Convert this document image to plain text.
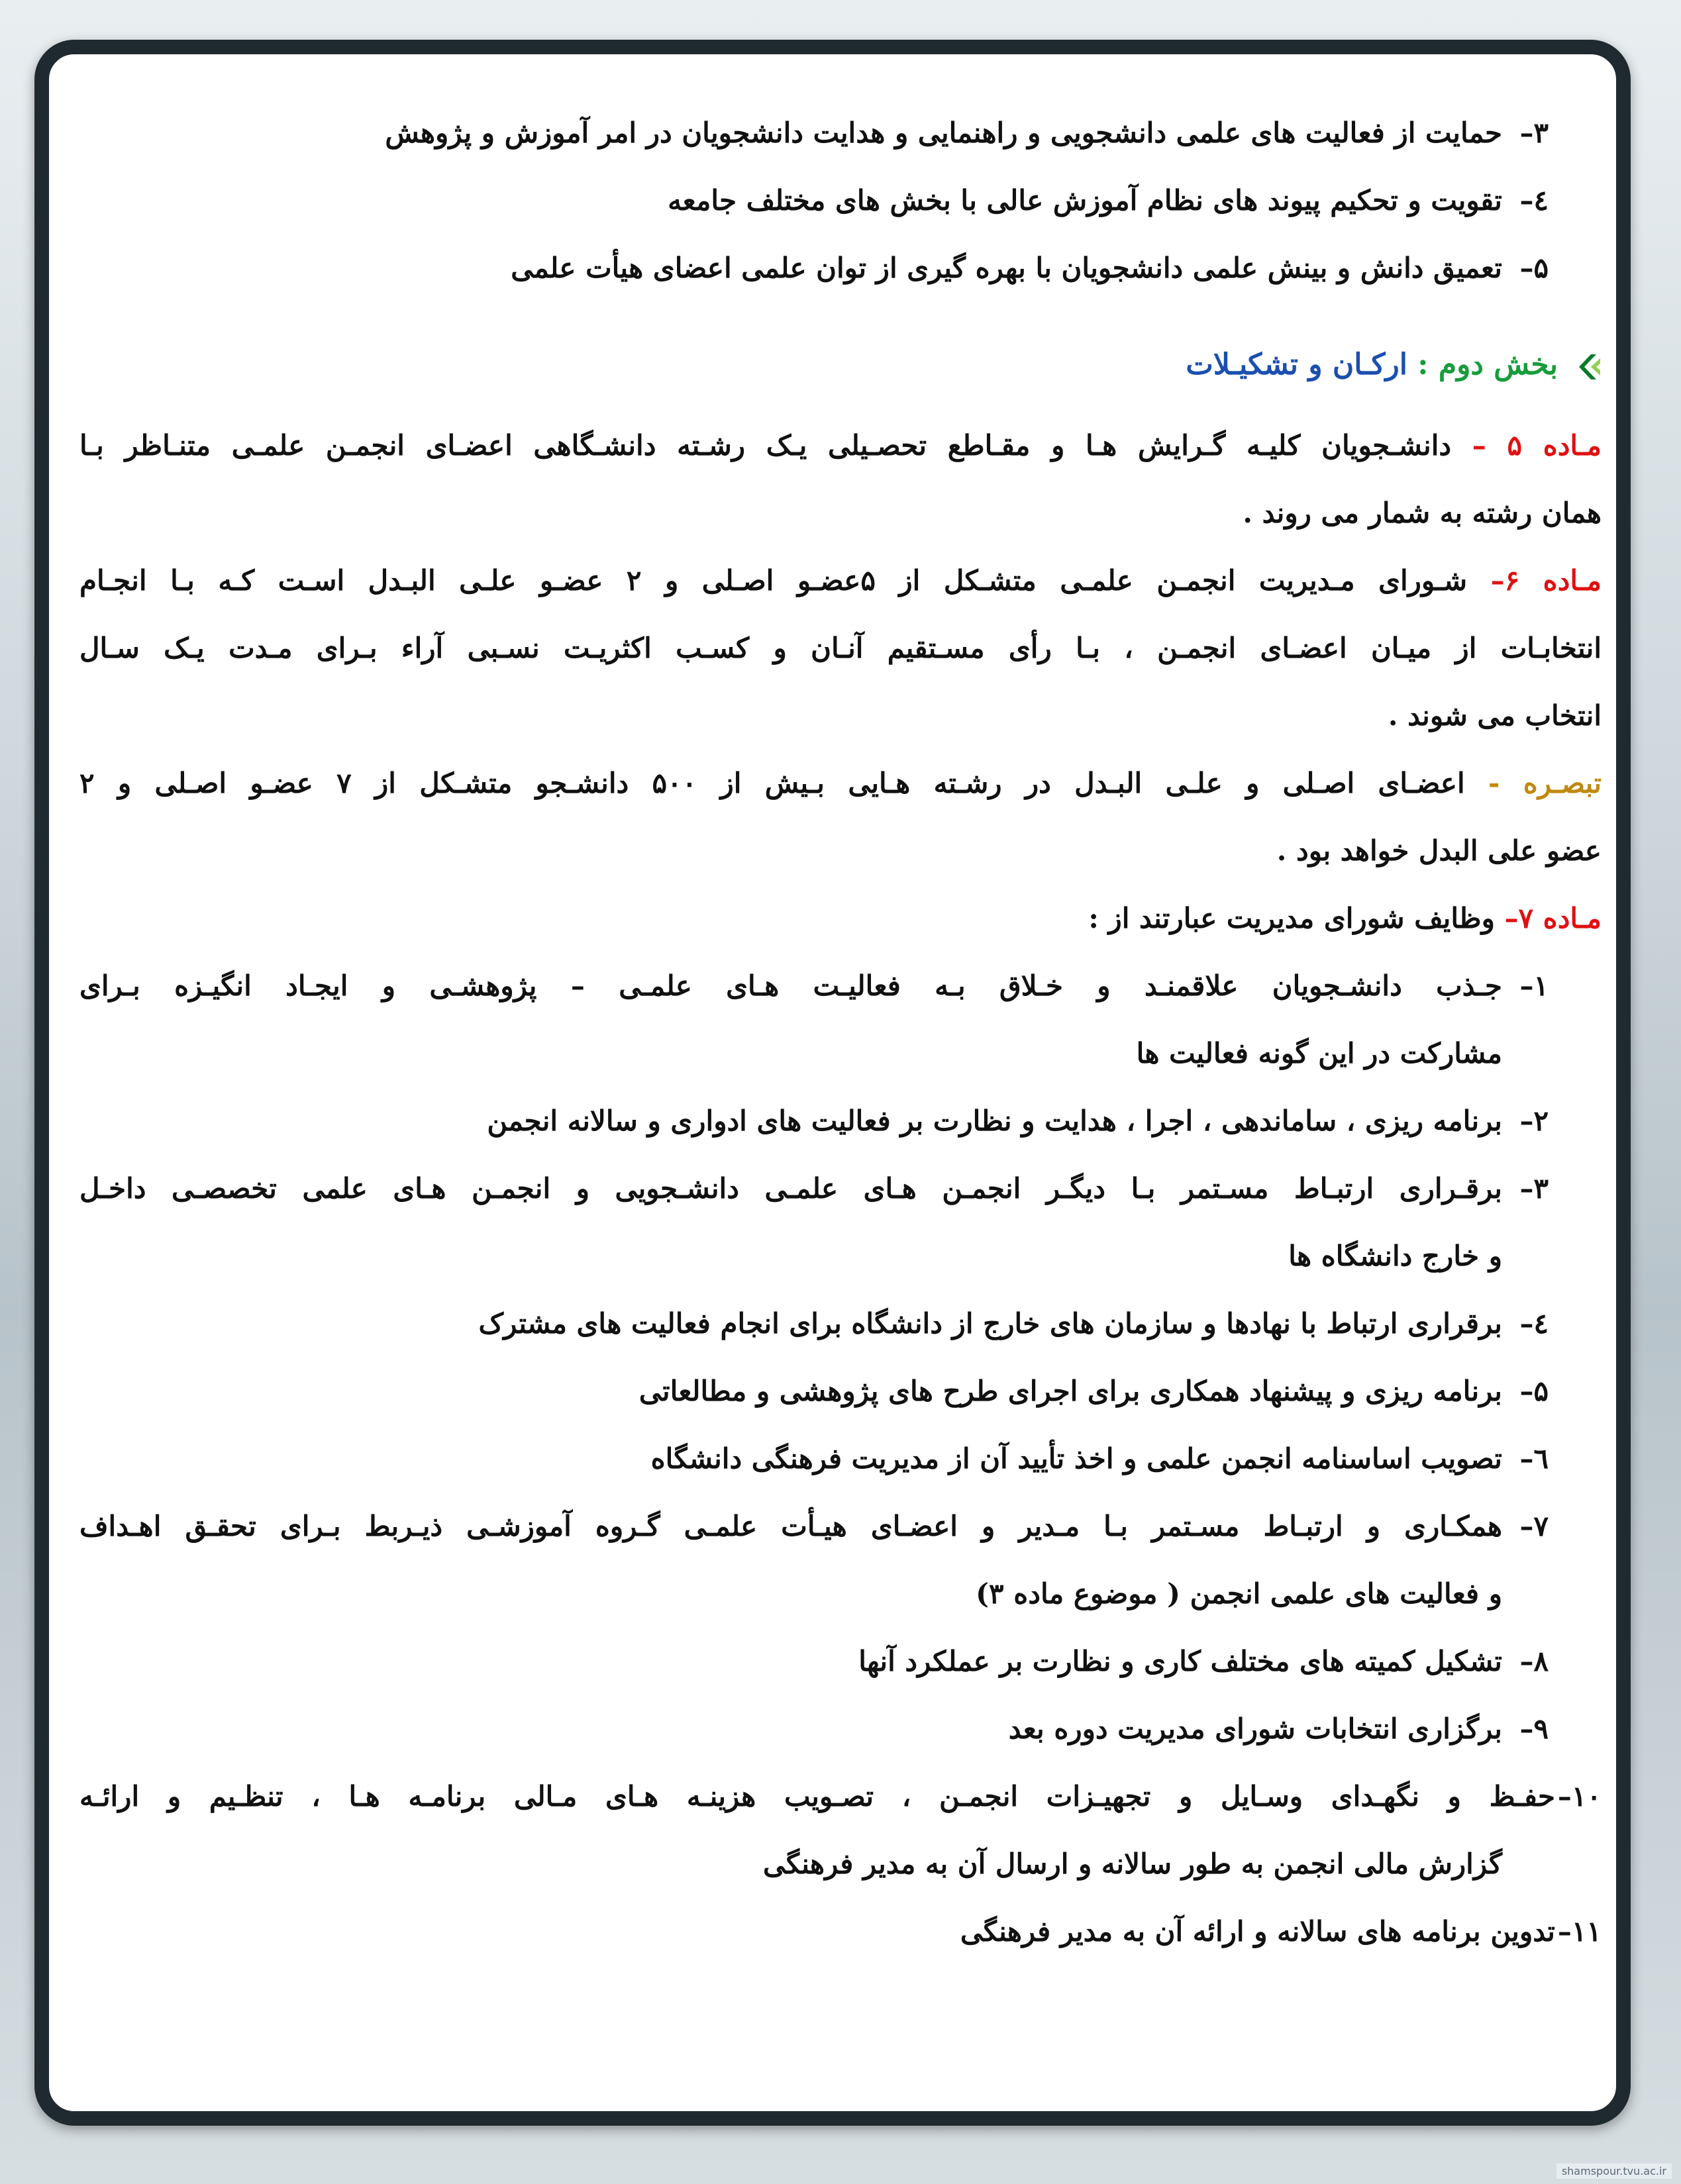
۳–حمایت از فعالیت های علمی دانشجویی و راهنمایی و هدایت دانشجویان در امر آموزش و پژوهش

٤–تقویت و تحکیم پیوند های نظام آموزش عالی با بخش های مختلف جامعه

۵–تعمیق دانش و بینش علمی دانشجویان با بهره گیری از توان علمی اعضای هیأت علمی

بخش دوم : ارکـان و تشکیـلات

مـاده ۵ – دانشـجویان کلیـه گـرایش هـا و مقـاطع تحصـیلی یـک رشـته دانشـگاهی اعضـای انجمـن علمـی متنـاظر بـا

همان رشته به شمار می روند .

مـاده ۶– شـورای مـدیریت انجمـن علمـی متشـکل از ۵عضـو اصـلی و ۲ عضـو علـی البـدل اسـت کـه بـا انجـام

انتخابـات از میـان اعضـای انجمـن ، بـا رأی مسـتقیم آنـان و کسـب اکثریـت نسـبی آراء بـرای مـدت یـک سـال

انتخاب می شوند .

تبصـره - اعضـای اصـلی و علـی البـدل در رشـته هـایی بـیش از ۵۰۰ دانشـجو متشـکل از ۷ عضـو اصـلی و ۲

عضو علی البدل خواهد بود .

مـاده ۷– وظایف شورای مدیریت عبارتند از :

۱–جـذب دانشـجویان علاقمنـد و خـلاق بـه فعالیـت هـای علمـی – پژوهشـی و ایجـاد انگیـزه بـرای

مشارکت در این گونه فعالیت ها

۲–برنامه ریزی ، ساماندهی ، اجرا ، هدایت و نظارت بر فعالیت های ادواری و سالانه انجمن

۳–برقـراری ارتبـاط مسـتمر بـا دیگـر انجمـن هـای علمـی دانشـجویی و انجمـن هـای علمی تخصصـی داخـل

و خارج دانشگاه ها

٤–برقراری ارتباط با نهادها و سازمان های خارج از دانشگاه برای انجام فعالیت های مشترک

۵–برنامه ریزی و پیشنهاد همکاری برای اجرای طرح های پژوهشی و مطالعاتی

٦–تصویب اساسنامه انجمن علمی و اخذ تأیید آن از مدیریت فرهنگی دانشگاه

۷–همکـاری و ارتبـاط مسـتمر بـا مـدیر و اعضـای هیـأت علمـی گـروه آموزشـی ذیـربط بـرای تحقـق اهـداف

و فعالیت های علمی انجمن ( موضوع ماده ۳)

۸–تشکیل کمیته های مختلف کاری و نظارت بر عملکرد آنها

۹–برگزاری انتخابات شورای مدیریت دوره بعد

۱۰–حفـظ و نگهـدای وسـایل و تجهیـزات انجمـن ، تصـویب هزینـه هـای مـالی برنامـه هـا ، تنظـیم و ارائـه

گزارش مالی انجمن به طور سالانه و ارسال آن به مدیر فرهنگی

۱۱–تدوین برنامه های سالانه و ارائه آن به مدیر فرهنگی

shamspour.tvu.ac.ir
